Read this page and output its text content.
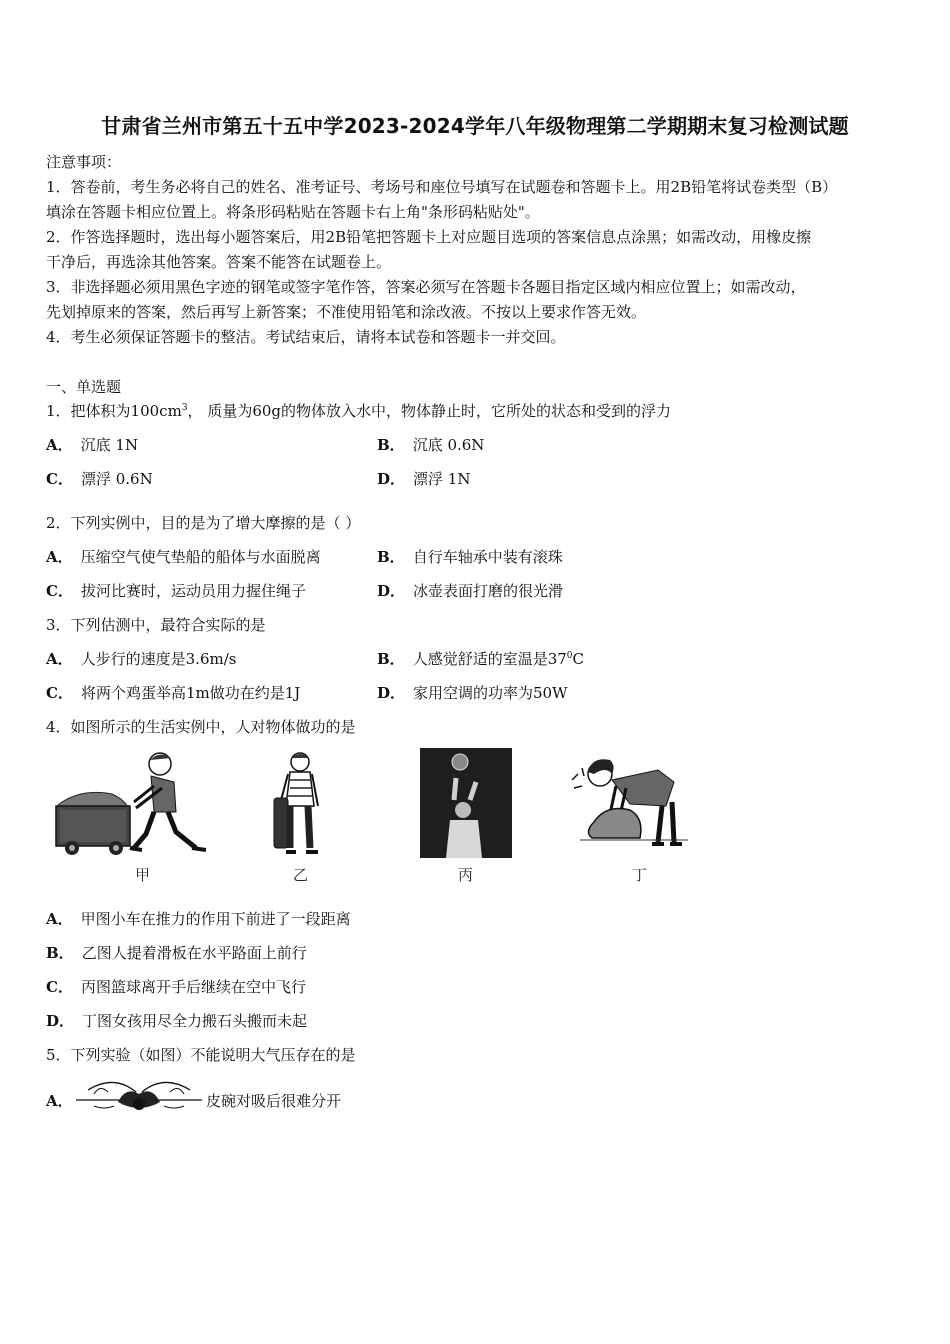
甘肃省兰州市第五十五中学2023-2024学年八年级物理第二学期期末复习检测试题
注意事项：
1．答卷前，考生务必将自己的姓名、准考证号、考场号和座位号填写在试题卷和答题卡上。用2B铅笔将试卷类型（B）
填涂在答题卡相应位置上。将条形码粘贴在答题卡右上角"条形码粘贴处"。
2．作答选择题时，选出每小题答案后，用2B铅笔把答题卡上对应题目选项的答案信息点涂黑；如需改动，用橡皮擦
干净后，再选涂其他答案。答案不能答在试题卷上。
3．非选择题必须用黑色字迹的钢笔或签字笔作答，答案必须写在答题卡各题目指定区域内相应位置上；如需改动，
先划掉原来的答案，然后再写上新答案；不准使用铅笔和涂改液。不按以上要求作答无效。
4．考生必须保证答题卡的整洁。考试结束后，请将本试卷和答题卡一并交回。
一、单选题
1．把体积为$100cm^3$， 质量为60g的物体放入水中，物体静止时，它所处的状态和受到的浮力
A． 沉底 1N	B． 沉底 0.6N
C． 漂浮 0.6N	D． 漂浮 1N
2．下列实例中，目的是为了增大摩擦的是（ ）
A． 压缩空气使气垫船的船体与水面脱离	B． 自行车轴承中装有滚珠
C． 拔河比赛时，运动员用力握住绳子	D． 冰壶表面打磨的很光滑
3．下列估测中，最符合实际的是
A． 人步行的速度是3.6m/s	B． 人感觉舒适的室温是$37^0C$
C． 将两个鸡蛋举高1m做功在约是1J	D． 家用空调的功率为50W
4．如图所示的生活实例中，人对物体做功的是
甲	乙	丙	丁
A． 甲图小车在推力的作用下前进了一段距离
B． 乙图人提着滑板在水平路面上前行
C． 丙图篮球离开手后继续在空中飞行
D． 丁图女孩用尽全力搬石头搬而未起
5．下列实验（如图）不能说明大气压存在的是
A．	皮碗对吸后很难分开
